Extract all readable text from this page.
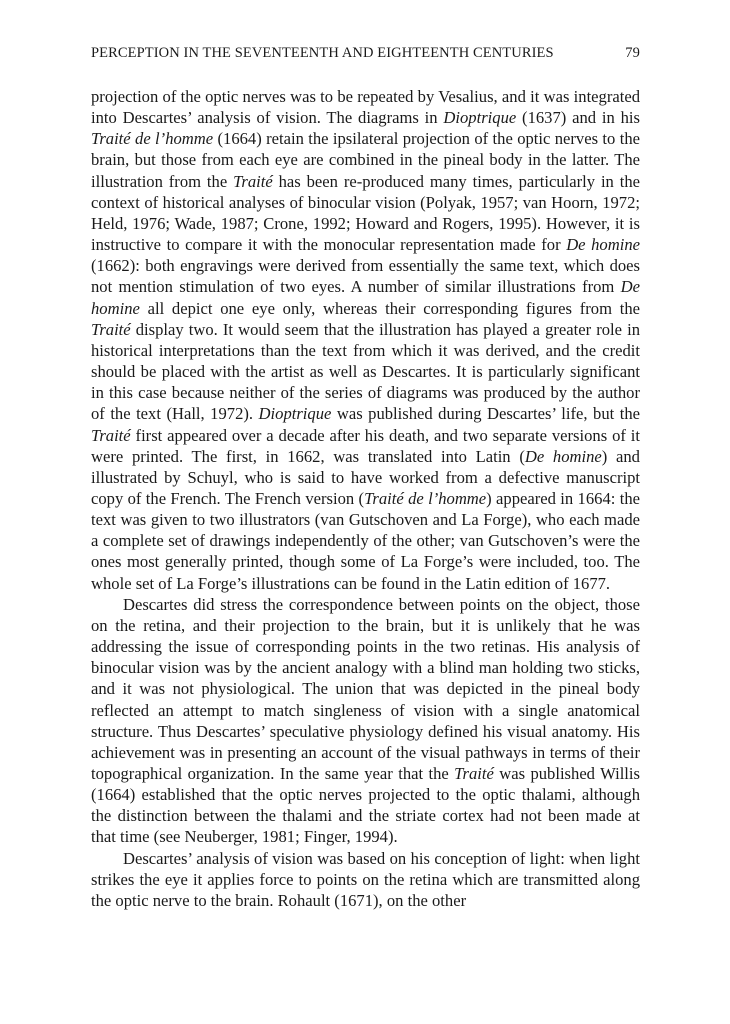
PERCEPTION IN THE SEVENTEENTH AND EIGHTEENTH CENTURIES	79

projection of the optic nerves was to be repeated by Vesalius, and it was integrated into Descartes’ analysis of vision. The diagrams in Dioptrique (1637) and in his Traité de l’homme (1664) retain the ipsilateral projection of the optic nerves to the brain, but those from each eye are combined in the pineal body in the latter. The illustration from the Traité has been re-produced many times, particularly in the context of historical analyses of binocular vision (Polyak, 1957; van Hoorn, 1972; Held, 1976; Wade, 1987; Crone, 1992; Howard and Rogers, 1995). However, it is instructive to compare it with the monocular representation made for De homine (1662): both engravings were derived from essentially the same text, which does not mention stimulation of two eyes. A number of similar illustrations from De homine all depict one eye only, whereas their corresponding figures from the Traité display two. It would seem that the illustration has played a greater role in historical interpretations than the text from which it was derived, and the credit should be placed with the artist as well as Descartes. It is particularly significant in this case because neither of the series of diagrams was produced by the author of the text (Hall, 1972). Dioptrique was published during Descartes’ life, but the Traité first appeared over a decade after his death, and two separate versions of it were printed. The first, in 1662, was translated into Latin (De homine) and illustrated by Schuyl, who is said to have worked from a defective manuscript copy of the French. The French version (Traité de l’homme) appeared in 1664: the text was given to two illustrators (van Gutschoven and La Forge), who each made a complete set of drawings independently of the other; van Gutschoven’s were the ones most generally printed, though some of La Forge’s were included, too. The whole set of La Forge’s illustrations can be found in the Latin edition of 1677.

Descartes did stress the correspondence between points on the object, those on the retina, and their projection to the brain, but it is unlikely that he was addressing the issue of corresponding points in the two retinas. His analysis of binocular vision was by the ancient analogy with a blind man holding two sticks, and it was not physiological. The union that was depicted in the pineal body reflected an attempt to match singleness of vision with a single anatomical structure. Thus Descartes’ speculative physiology defined his visual anatomy. His achievement was in presenting an account of the visual pathways in terms of their topographical organization. In the same year that the Traité was published Willis (1664) established that the optic nerves projected to the optic thalami, although the distinction between the thalami and the striate cortex had not been made at that time (see Neuberger, 1981; Finger, 1994).

Descartes’ analysis of vision was based on his conception of light: when light strikes the eye it applies force to points on the retina which are transmitted along the optic nerve to the brain. Rohault (1671), on the other
